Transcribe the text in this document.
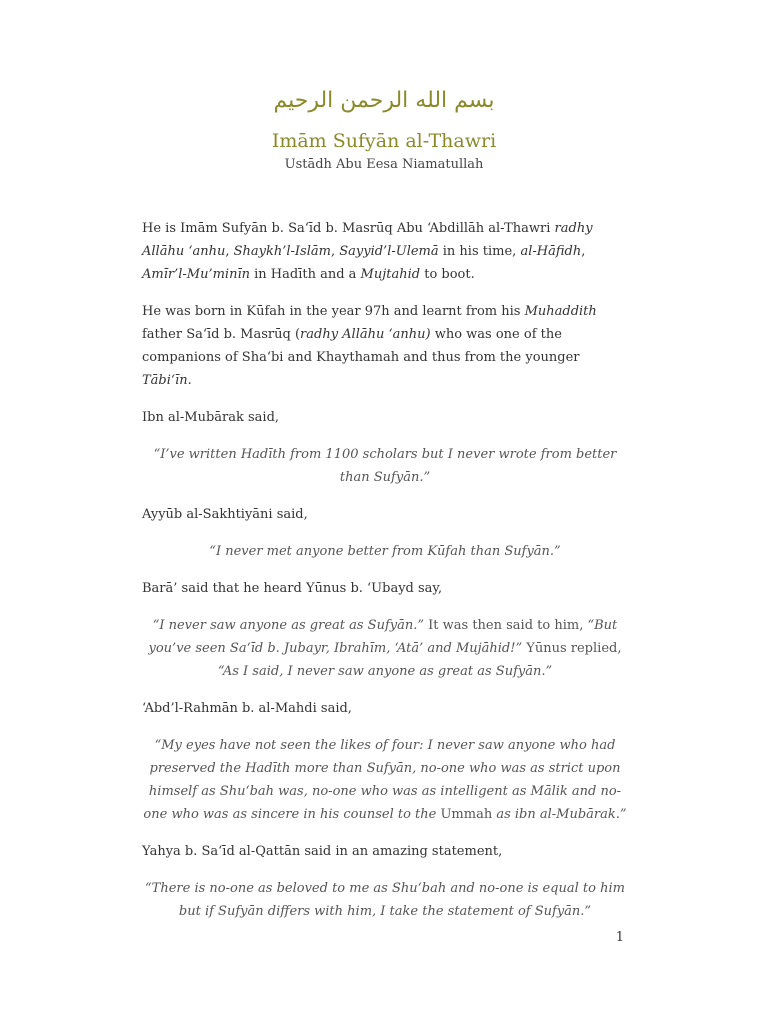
بسم الله الرحمن الرحيم
Imām Sufyān al-Thawri
Ustādh Abu Eesa Niamatullah

He is Imām Sufyān b. Sa‘īd b. Masrūq Abu ‘Abdillāh al-Thawri radhy Allāhu ‘anhu, Shaykh’l-Islām, Sayyid’l-Ulemā in his time, al-Hāfidh, Amīr’l-Mu’minīn in Hadīth and a Mujtahid to boot.

He was born in Kūfah in the year 97h and learnt from his Muhaddith father Sa‘īd b. Masrūq (radhy Allāhu ‘anhu) who was one of the companions of Sha‘bi and Khaythamah and thus from the younger Tābi‘īn.

Ibn al-Mubārak said,

“I’ve written Hadīth from 1100 scholars but I never wrote from better than Sufyān.”

Ayyūb al-Sakhtiyāni said,

“I never met anyone better from Kūfah than Sufyān.”

Barā’ said that he heard Yūnus b. ‘Ubayd say,

“I never saw anyone as great as Sufyān.” It was then said to him, “But you’ve seen Sa‘īd b. Jubayr, Ibrahīm, ‘Atā’ and Mujāhid!” Yūnus replied, “As I said, I never saw anyone as great as Sufyān.”

‘Abd’l-Rahmān b. al-Mahdi said,

“My eyes have not seen the likes of four: I never saw anyone who had preserved the Hadīth more than Sufyān, no-one who was as strict upon himself as Shu‘bah was, no-one who was as intelligent as Mālik and no-one who was as sincere in his counsel to the Ummah as ibn al-Mubārak.”

Yahya b. Sa‘īd al-Qattān said in an amazing statement,

“There is no-one as beloved to me as Shu‘bah and no-one is equal to him but if Sufyān differs with him, I take the statement of Sufyān.”

1
